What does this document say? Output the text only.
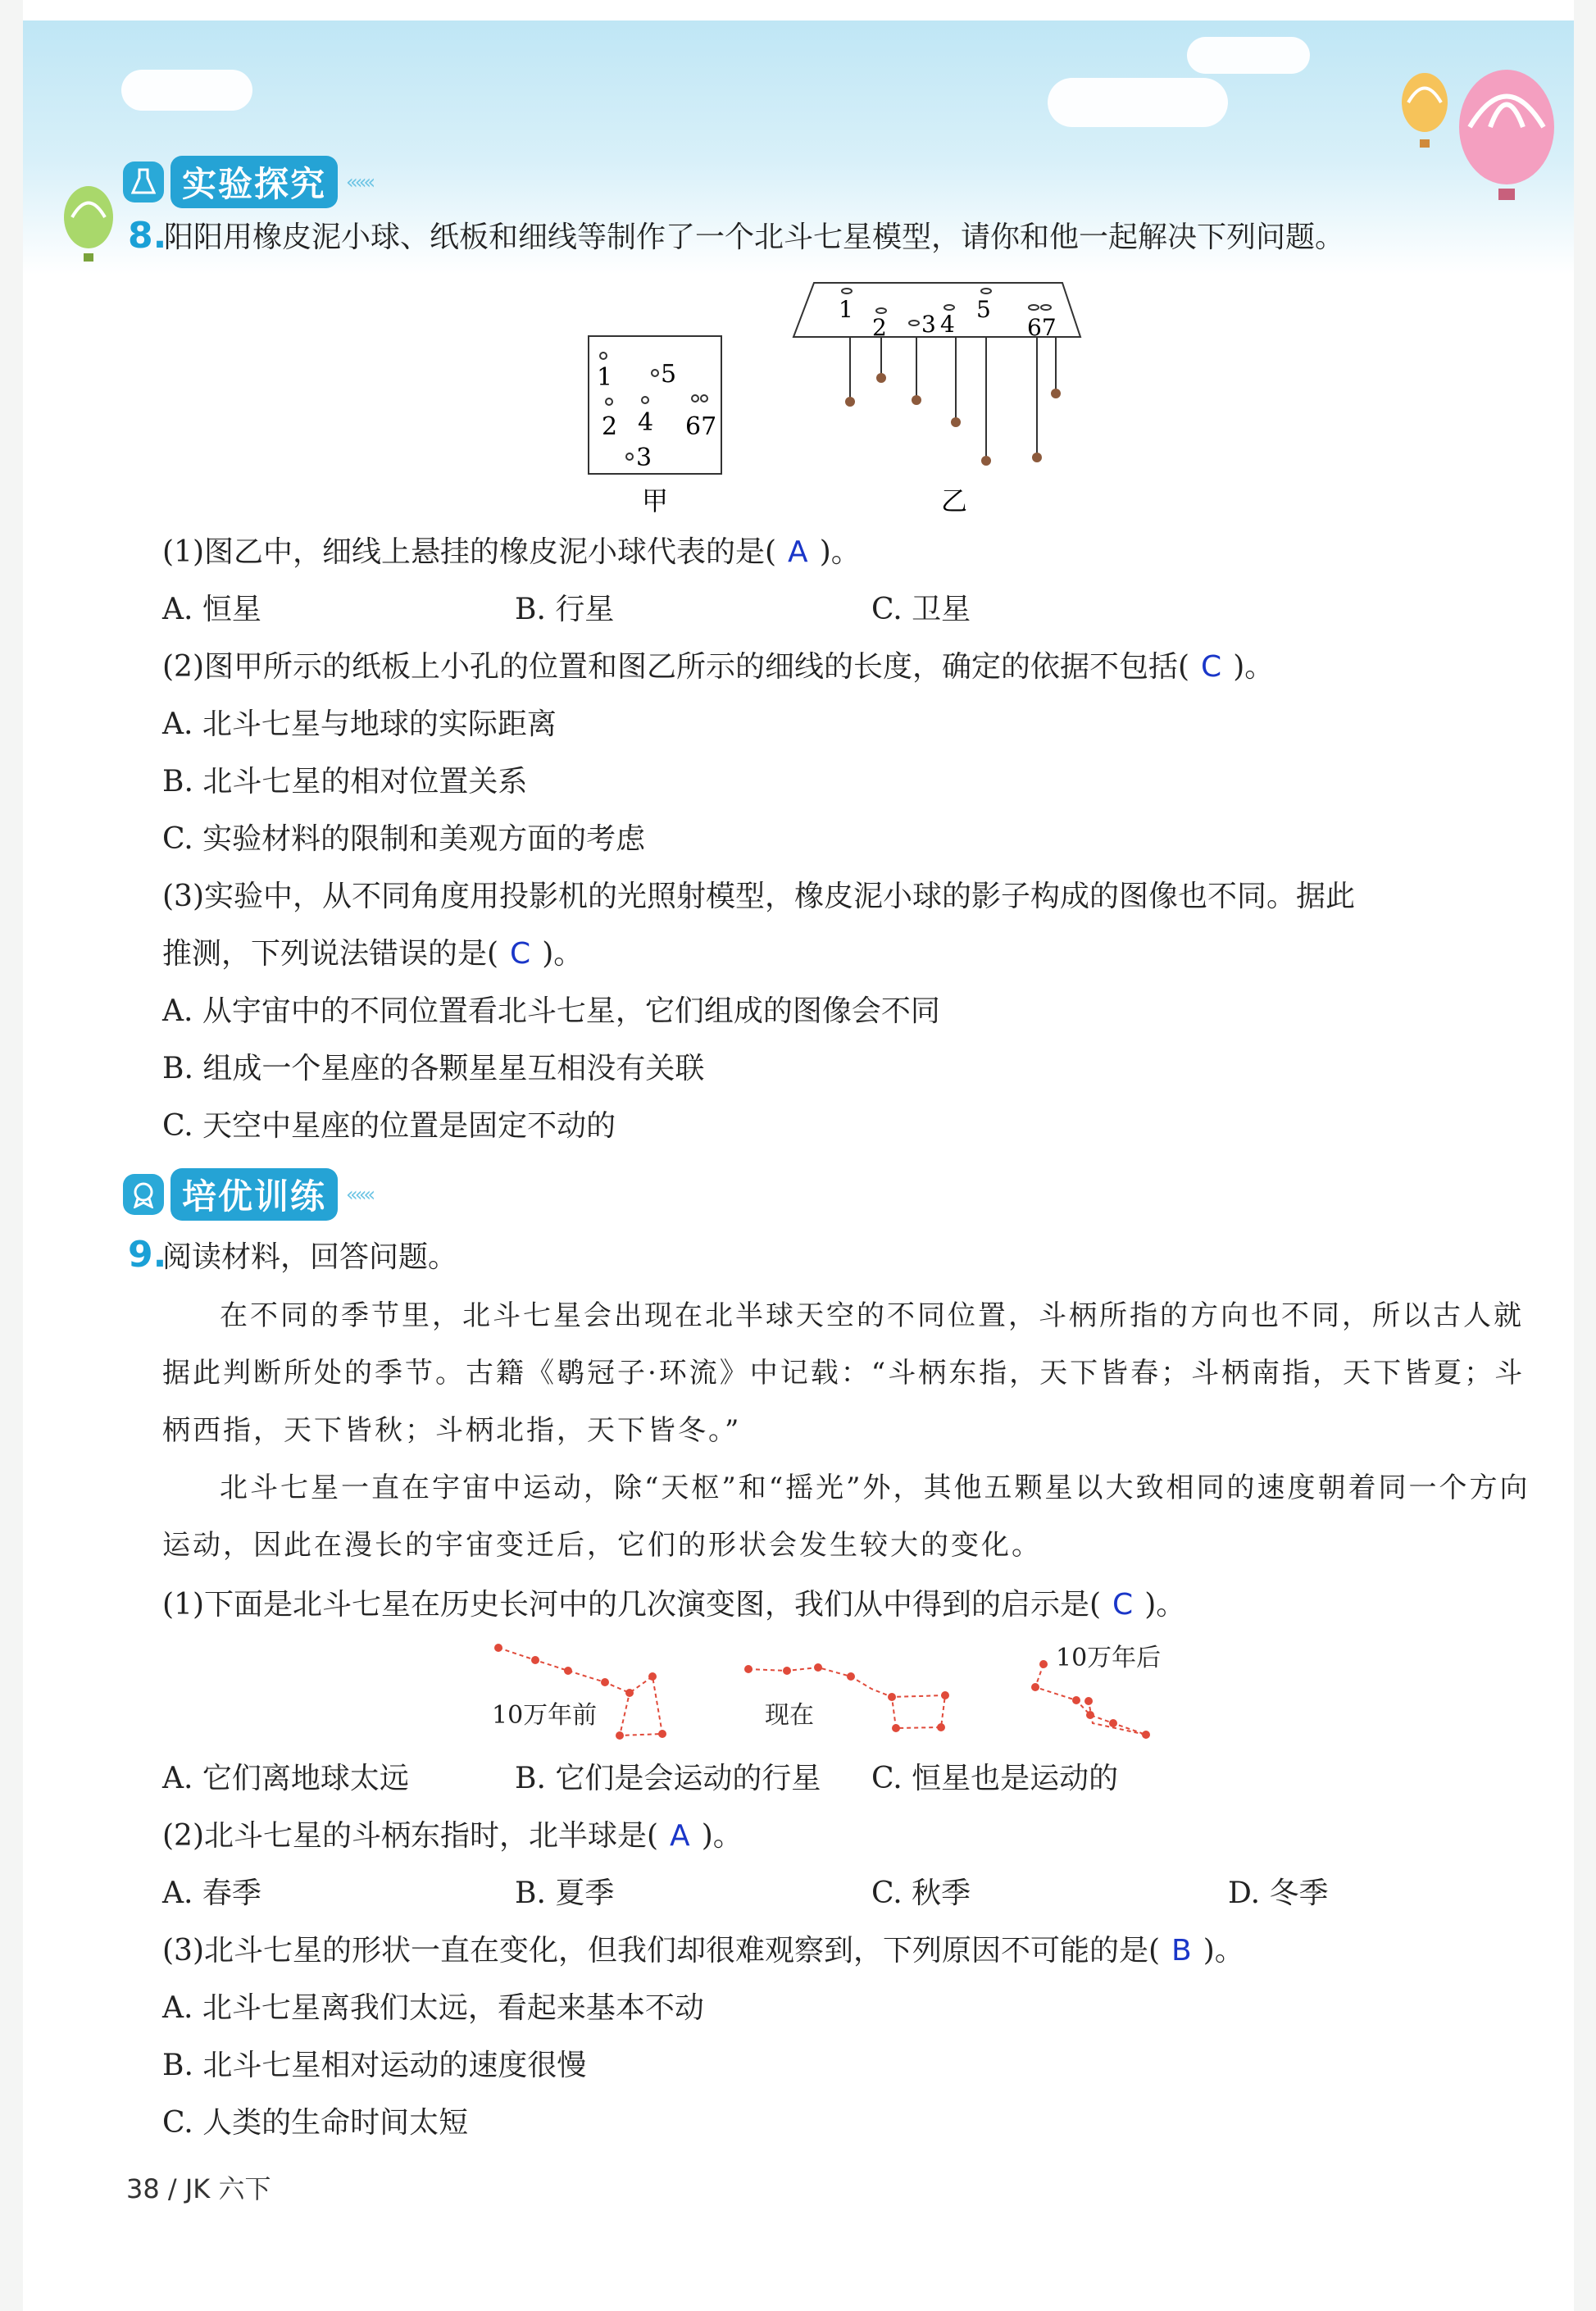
实验探究	«««
8.
阳阳用橡皮泥小球、纸板和细线等制作了一个北斗七星模型，请你和他一起解决下列问题。
1 5
2 4 67
3
甲
1
2 3 4
5
67
乙
(1)图乙中，细线上悬挂的橡皮泥小球代表的是( A )。
A. 恒星	B. 行星	C. 卫星
(2)图甲所示的纸板上小孔的位置和图乙所示的细线的长度，确定的依据不包括( C )。
A. 北斗七星与地球的实际距离
B. 北斗七星的相对位置关系
C. 实验材料的限制和美观方面的考虑
(3)实验中，从不同角度用投影机的光照射模型，橡皮泥小球的影子构成的图像也不同。据此
推测，下列说法错误的是( C )。
A. 从宇宙中的不同位置看北斗七星，它们组成的图像会不同
B. 组成一个星座的各颗星星互相没有关联
C. 天空中星座的位置是固定不动的
培优训练	«««
9.
阅读材料，回答问题。
在不同的季节里，北斗七星会出现在北半球天空的不同位置，斗柄所指的方向也不同，所以古人就据此判断所处的季节。古籍《鹖冠子·环流》中记载：“斗柄东指，天下皆春；斗柄南指，天下皆夏；斗柄西指，天下皆秋；斗柄北指，天下皆冬。”
北斗七星一直在宇宙中运动，除“天枢”和“摇光”外，其他五颗星以大致相同的速度朝着同一个方向运动，因此在漫长的宇宙变迁后，它们的形状会发生较大的变化。
(1)下面是北斗七星在历史长河中的几次演变图，我们从中得到的启示是( C )。
10万年前	现在
10万年后
A. 它们离地球太远	B. 它们是会运动的行星 C. 恒星也是运动的
(2)北斗七星的斗柄东指时，北半球是( A )。
A. 春季	B. 夏季	C. 秋季	D. 冬季
(3)北斗七星的形状一直在变化，但我们却很难观察到，下列原因不可能的是( B )。
A. 北斗七星离我们太远，看起来基本不动
B. 北斗七星相对运动的速度很慢
C. 人类的生命时间太短
38 / JK 六下
